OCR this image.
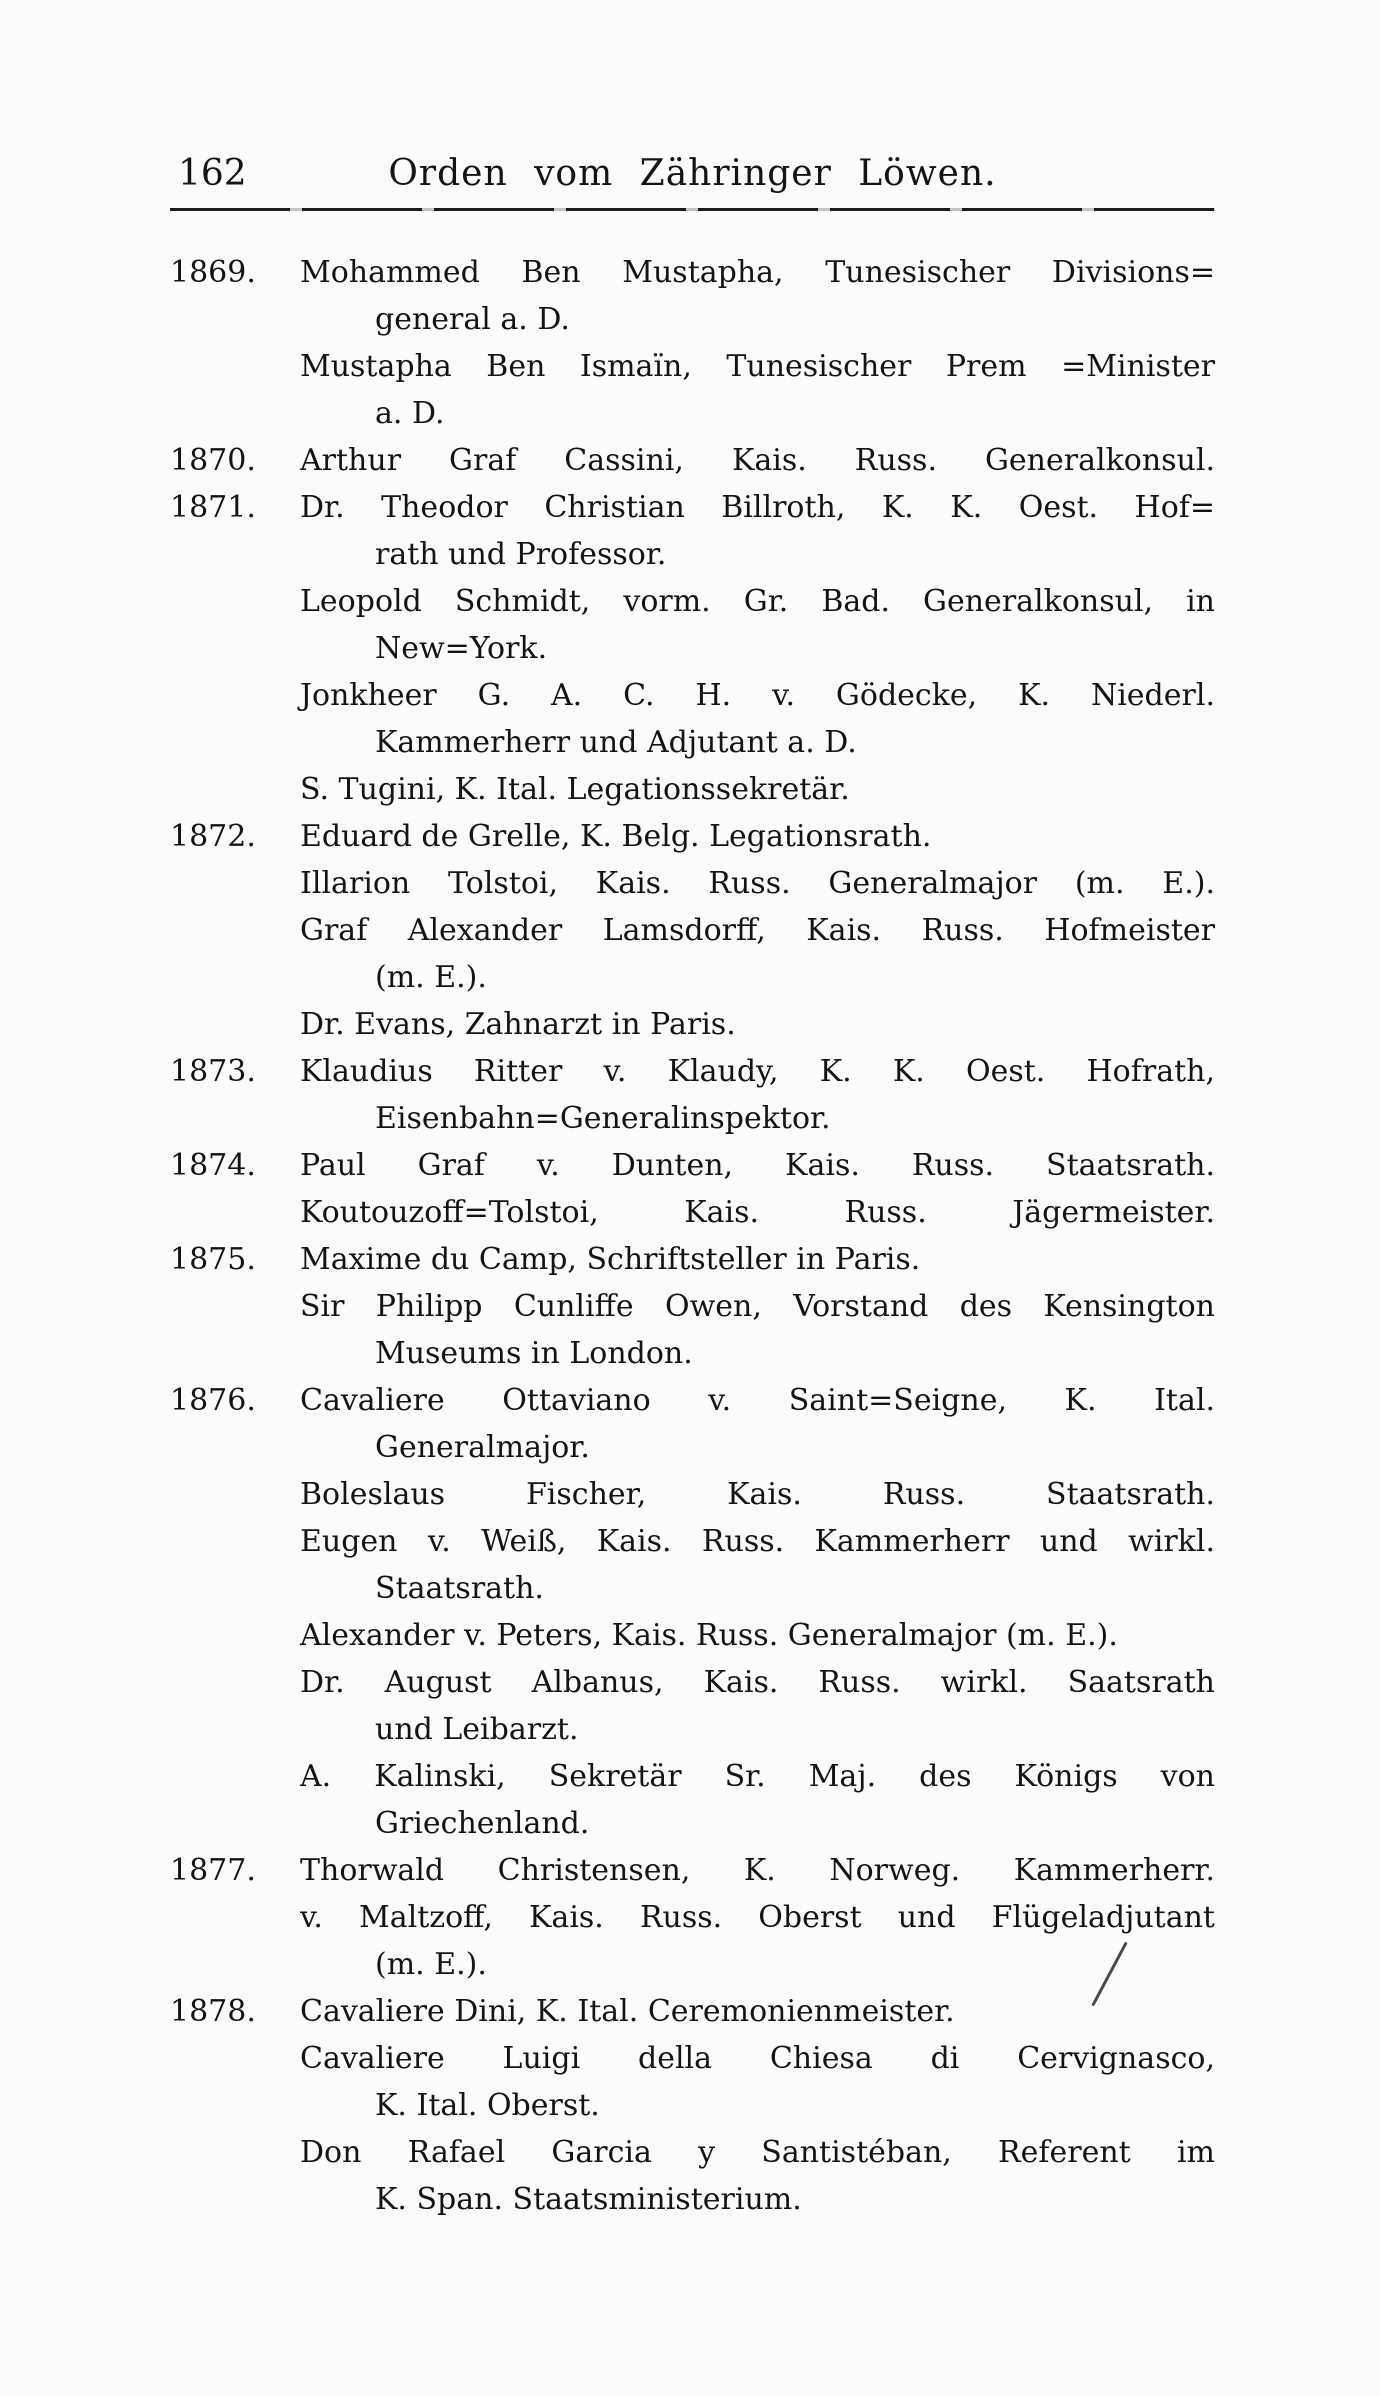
162	Orden vom Zähringer Löwen.
1869.	Mohammed Ben Mustapha, Tunesischer Divisions=
general a. D.
Mustapha Ben Ismaïn, Tunesischer Prem =Minister
a. D.
1870.	Arthur Graf Cassini, Kais. Russ. Generalkonsul.
1871.	Dr. Theodor Christian Billroth, K. K. Oest. Hof=
rath und Professor.
Leopold Schmidt, vorm. Gr. Bad. Generalkonsul, in
New=York.
Jonkheer G. A. C. H. v. Gödecke, K. Niederl.
Kammerherr und Adjutant a. D.
S. Tugini, K. Ital. Legationssekretär.
1872.	Eduard de Grelle, K. Belg. Legationsrath.
Illarion Tolstoi, Kais. Russ. Generalmajor (m. E.).
Graf Alexander Lamsdorff, Kais. Russ. Hofmeister
(m. E.).
Dr. Evans, Zahnarzt in Paris.
1873.	Klaudius Ritter v. Klaudy, K. K. Oest. Hofrath,
Eisenbahn=Generalinspektor.
1874.	Paul Graf v. Dunten, Kais. Russ. Staatsrath.
Koutouzoff=Tolstoi, Kais. Russ. Jägermeister.
1875.	Maxime du Camp, Schriftsteller in Paris.
Sir Philipp Cunliffe Owen, Vorstand des Kensington
Museums in London.
1876.	Cavaliere Ottaviano v. Saint=Seigne, K. Ital.
Generalmajor.
Boleslaus Fischer, Kais. Russ. Staatsrath.
Eugen v. Weiß, Kais. Russ. Kammerherr und wirkl.
Staatsrath.
Alexander v. Peters, Kais. Russ. Generalmajor (m. E.).
Dr. August Albanus, Kais. Russ. wirkl. Saatsrath
und Leibarzt.
A. Kalinski, Sekretär Sr. Maj. des Königs von
Griechenland.
1877.	Thorwald Christensen, K. Norweg. Kammerherr.
v. Maltzoff, Kais. Russ. Oberst und Flügeladjutant
(m. E.).
1878.	Cavaliere Dini, K. Ital. Ceremonienmeister.
Cavaliere Luigi della Chiesa di Cervignasco,
K. Ital. Oberst.
Don Rafael Garcia y Santistéban, Referent im
K. Span. Staatsministerium.
